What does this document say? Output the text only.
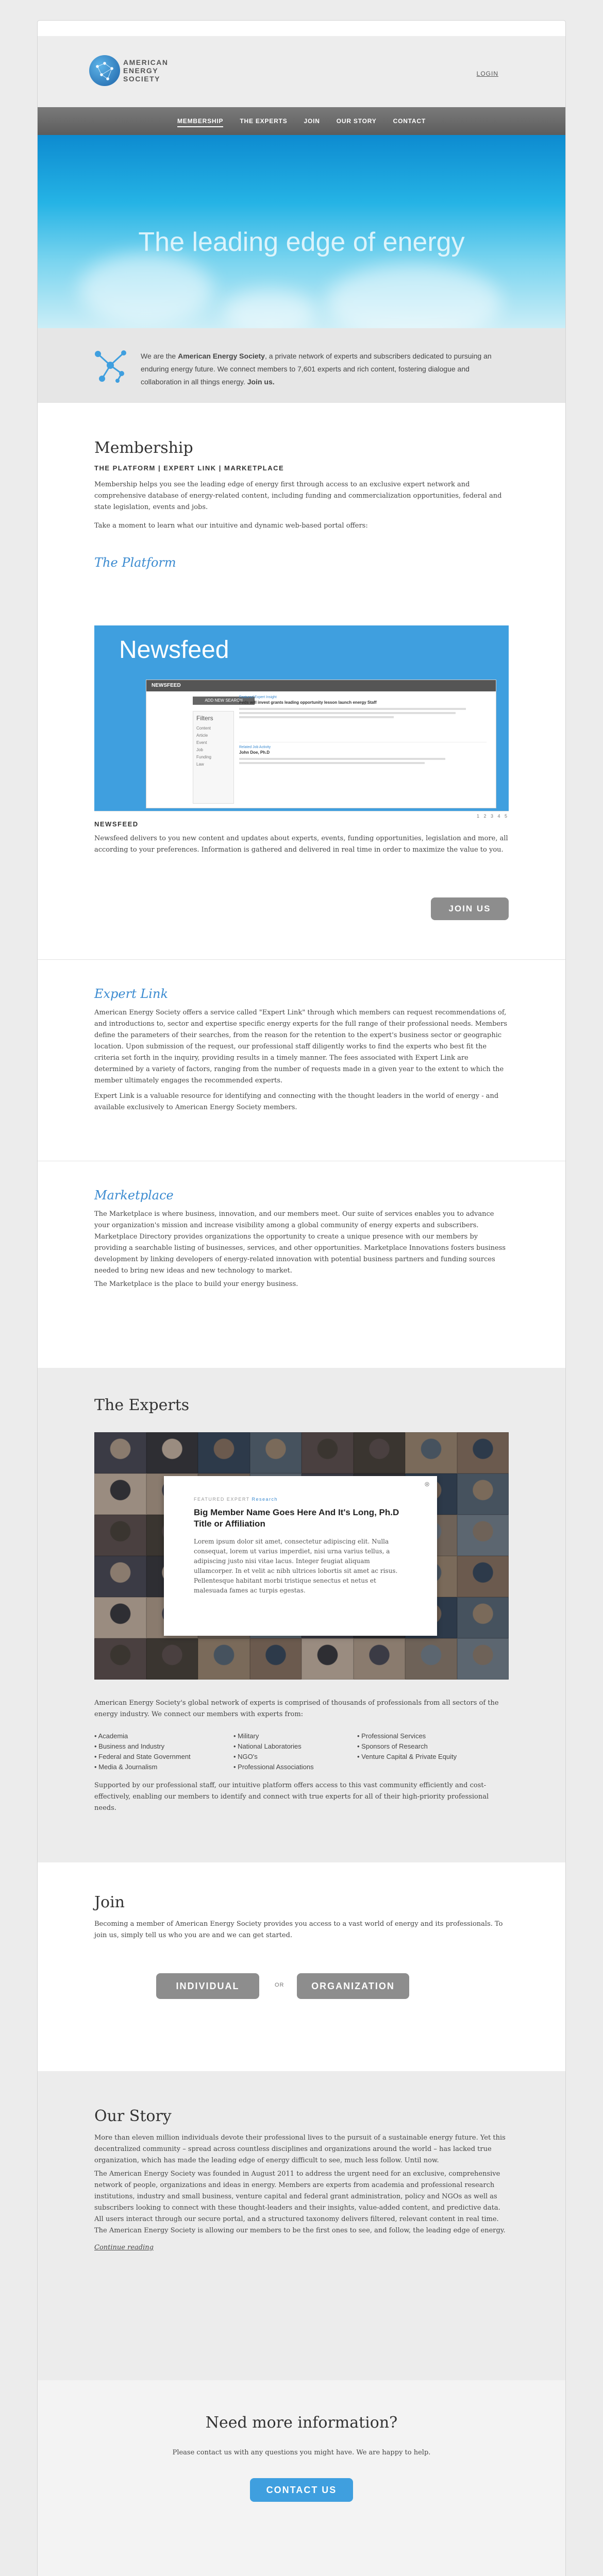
AMERICAN
ENERGY
SOCIETY
LOGIN
MEMBERSHIP	THE EXPERTS	JOIN	OUR STORY	CONTACT
The leading edge of energy

We are the American Energy Society, a private network of experts and subscribers dedicated to pursuing an enduring energy future. We connect members to 7,601 experts and rich content, fostering dialogue and collaboration in all things energy. Join us.

Membership
THE PLATFORM | EXPERT LINK | MARKETPLACE

Membership helps you see the leading edge of energy first through access to an exclusive expert network and comprehensive database of energy-related content, including funding and commercialization opportunities, federal and state legislation, events and jobs.

Take a moment to learn what our intuitive and dynamic web-based portal offers:

The Platform
Newsfeed
NEWSFEED
ADD NEW SEARCH
Filters
Content
Article
Event
Job
Funding
Law
Featured Expert Insight
Feds will invest grants leading opportunity lesson launch energy Staff
Related Job Activity
John Doe, Ph.D
1 2 3 4 5
NEWSFEED

Newsfeed delivers to you new content and updates about experts, events, funding opportunities, legislation and more, all according to your preferences. Information is gathered and delivered in real time in order to maximize the value to you.

JOIN US
Expert Link

American Energy Society offers a service called "Expert Link" through which members can request recommendations of, and introductions to, sector and expertise specific energy experts for the full range of their professional needs. Members define the parameters of their searches, from the reason for the retention to the expert's business sector or geographic location. Upon submission of the request, our professional staff diligently works to find the experts who best fit the criteria set forth in the inquiry, providing results in a timely manner. The fees associated with Expert Link are determined by a variety of factors, ranging from the number of requests made in a given year to the extent to which the member ultimately engages the recommended experts.

Expert Link is a valuable resource for identifying and connecting with the thought leaders in the world of energy - and available exclusively to American Energy Society members.

Marketplace

The Marketplace is where business, innovation, and our members meet. Our suite of services enables you to advance your organization's mission and increase visibility among a global community of energy experts and subscribers. Marketplace Directory provides organizations the opportunity to create a unique presence with our members by providing a searchable listing of businesses, services, and other opportunities. Marketplace Innovations fosters business development by linking developers of energy-related innovation with potential business partners and funding sources needed to bring new ideas and new technology to market.

The Marketplace is the place to build your energy business.

The Experts
⊗
FEATURED EXPERT Research
Big Member Name Goes Here And It's Long, Ph.D
Title or Affiliation

Lorem ipsum dolor sit amet, consectetur adipiscing elit. Nulla consequat, lorem ut varius imperdiet, nisi urna varius tellus, a adipiscing justo nisi vitae lacus. Integer feugiat aliquam ullamcorper. In et velit ac nibh ultrices lobortis sit amet ac risus. Pellentesque habitant morbi tristique senectus et netus et malesuada fames ac turpis egestas.

American Energy Society's global network of experts is comprised of thousands of professionals from all sectors of the energy industry. We connect our members with experts from:

• Academia
• Business and Industry
• Federal and State Government
• Media & Journalism
• Military
• National Laboratories
• NGO's
• Professional Associations
• Professional Services
• Sponsors of Research
• Venture Capital & Private Equity

Supported by our professional staff, our intuitive platform offers access to this vast community efficiently and cost-effectively, enabling our members to identify and connect with true experts for all of their high-priority professional needs.

Join

Becoming a member of American Energy Society provides you access to a vast world of energy and its professionals. To join us, simply tell us who you are and we can get started.

INDIVIDUAL	OR	ORGANIZATION
Our Story

More than eleven million individuals devote their professional lives to the pursuit of a sustainable energy future. Yet this decentralized community – spread across countless disciplines and organizations around the world – has lacked true organization, which has made the leading edge of energy difficult to see, much less follow. Until now.

The American Energy Society was founded in August 2011 to address the urgent need for an exclusive, comprehensive network of people, organizations and ideas in energy. Members are experts from academia and professional research institutions, industry and small business, venture capital and federal grant administration, policy and NGOs as well as subscribers looking to connect with these thought-leaders and their insights, value-added content, and predictive data. All users interact through our secure portal, and a structured taxonomy delivers filtered, relevant content in real time. The American Energy Society is allowing our members to be the first ones to see, and follow, the leading edge of energy.

Continue reading
Need more information?

Please contact us with any questions you might have. We are happy to help.

CONTACT US
